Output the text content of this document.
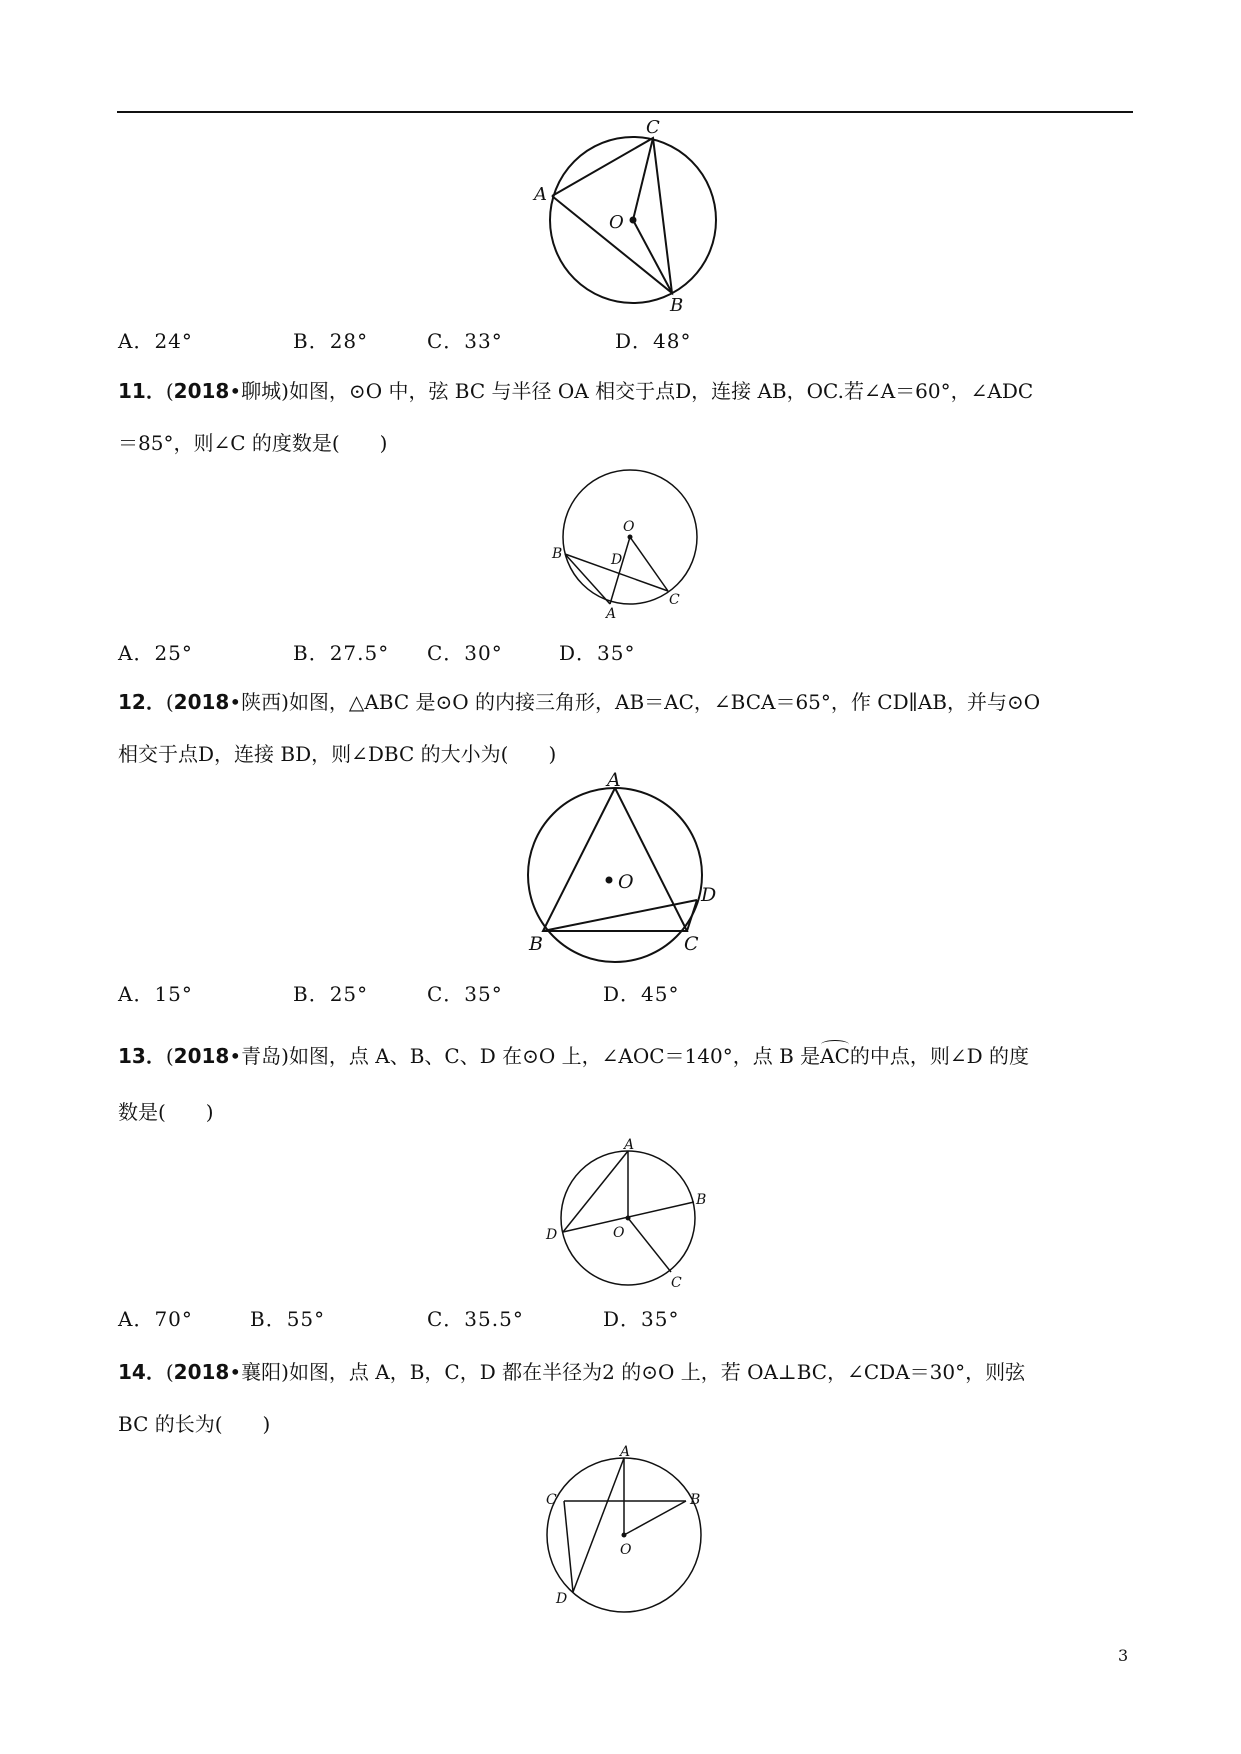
C
A
O
B
A．24°	B．28°	C．33°	D．48°
11．(2018•聊城)如图，⊙O 中，弦 BC 与半径 OA 相交于点D，连接 AB，OC.若∠A＝60°，∠ADC
＝85°，则∠C 的度数是(　　)
O
B	D
C
A
A．25°	B．27.5° C．30°	D．35°
12．(2018•陕西)如图，△ABC 是⊙O 的内接三角形，AB＝AC，∠BCA＝65°，作 CD∥AB，并与⊙O
相交于点D，连接 BD，则∠DBC 的大小为(　　)
A
O
D
B	C
A．15°	B．25°	C．35°	D．45°
13．(2018•青岛)如图，点 A、B、C、D 在⊙O 上，∠AOC＝140°，点 B 是AC的中点，则∠D 的度
数是(　　)
A
B
D	O
C
A．70°	B．55°	C．35.5°	D．35°
14．(2018•襄阳)如图，点 A，B，C，D 都在半径为2 的⊙O 上，若 OA⊥BC，∠CDA＝30°，则弦
BC 的长为(　　)
A
C	B
O
D
3
